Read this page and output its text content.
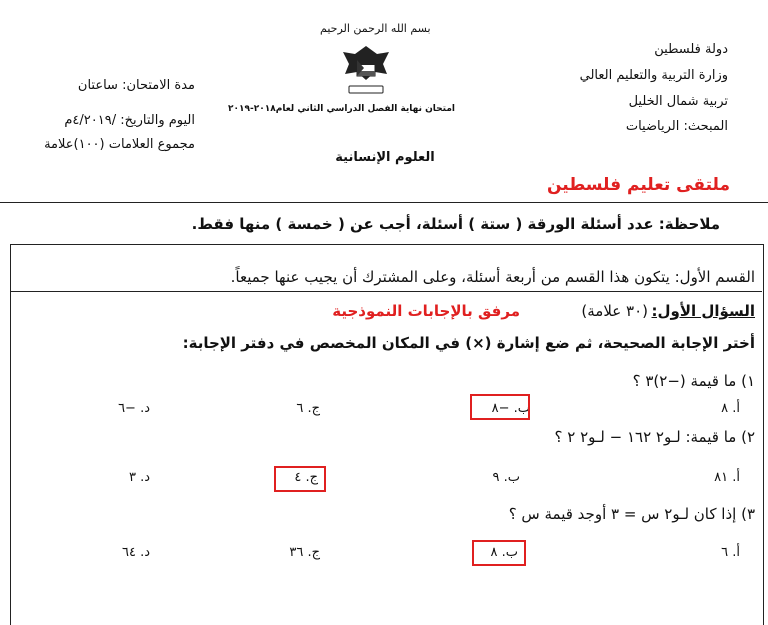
بسم الله الرحمن الرحيم
امتحان نهاية الفصل الدراسي الثاني لعام٢٠١٨-٢٠١٩
العلوم الإنسانية
مدة الامتحان: ساعتان
اليوم والتاريخ: /٤/٢٠١٩م
مجموع العلامات (١٠٠)علامة
دولة فلسطين
وزارة التربية والتعليم العالي
تربية شمال الخليل
المبحث: الرياضيات
ملتقى تعليم فلسطين
ملاحظة: عدد أسئلة الورقة ( ستة ) أسئلة، أجب عن ( خمسة ) منها فقط.
القسم الأول: يتكون هذا القسم من أربعة أسئلة، وعلى المشترك أن يجيب عنها جميعاً.
السؤال الأول:
(٣٠ علامة)
مرفق بالإجابات النموذجية
أختر الإجابة الصحيحة، ثم ضع إشارة (×) في المكان المخصص في دفتر الإجابة:
١) ما قيمة (−٢)٣ ؟
أ. ٨
ب. −٨
ج. ٦
د. −٦
٢) ما قيمة: لـو٢ ١٦٢ − لـو٢ ٢ ؟
أ. ٨١
ب. ٩
ج. ٤
د. ٣
٣) إذا كان لـو٢ س = ٣ أوجد قيمة س ؟
أ. ٦
ب. ٨
ج. ٣٦
د. ٦٤
